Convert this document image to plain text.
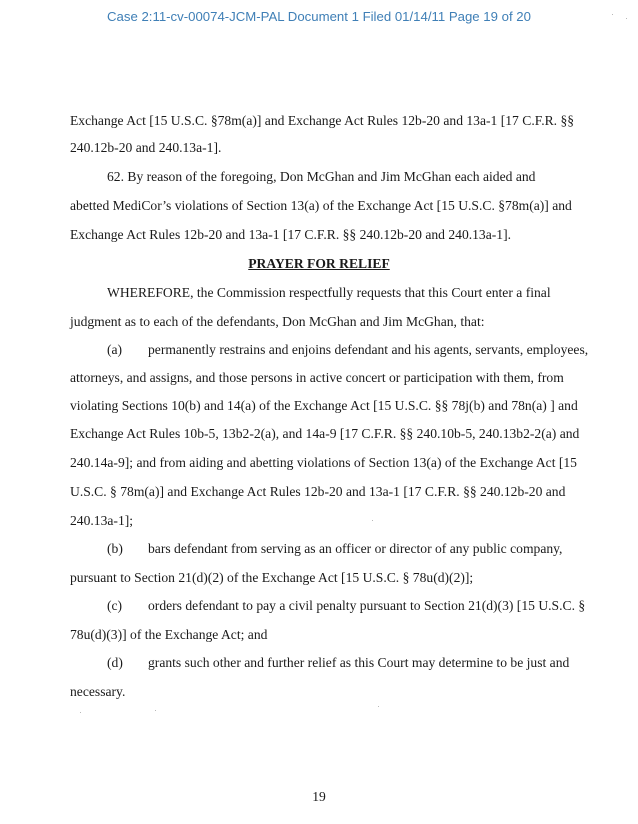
Case 2:11-cv-00074-JCM-PAL Document 1 Filed 01/14/11 Page 19 of 20
Exchange Act [15 U.S.C. §78m(a)] and Exchange Act Rules 12b-20 and 13a-1 [17 C.F.R. §§
240.12b-20 and 240.13a-1].
62. By reason of the foregoing, Don McGhan and Jim McGhan each aided and
abetted MediCor’s violations of Section 13(a) of the Exchange Act [15 U.S.C. §78m(a)] and
Exchange Act Rules 12b-20 and 13a-1 [17 C.F.R. §§ 240.12b-20 and 240.13a-1].
PRAYER FOR RELIEF
WHEREFORE, the Commission respectfully requests that this Court enter a final
judgment as to each of the defendants, Don McGhan and Jim McGhan, that:
(a) permanently restrains and enjoins defendant and his agents, servants, employees,
attorneys, and assigns, and those persons in active concert or participation with them, from
violating Sections 10(b) and 14(a) of the Exchange Act [15 U.S.C. §§ 78j(b) and 78n(a) ] and
Exchange Act Rules 10b-5, 13b2-2(a), and 14a-9 [17 C.F.R. §§ 240.10b-5, 240.13b2-2(a) and
240.14a-9]; and from aiding and abetting violations of Section 13(a) of the Exchange Act [15
U.S.C. § 78m(a)] and Exchange Act Rules 12b-20 and 13a-1 [17 C.F.R. §§ 240.12b-20 and
240.13a-1];
(b) bars defendant from serving as an officer or director of any public company,
pursuant to Section 21(d)(2) of the Exchange Act [15 U.S.C. § 78u(d)(2)];
(c) orders defendant to pay a civil penalty pursuant to Section 21(d)(3) [15 U.S.C. §
78u(d)(3)] of the Exchange Act; and
(d) grants such other and further relief as this Court may determine to be just and
necessary.
19
